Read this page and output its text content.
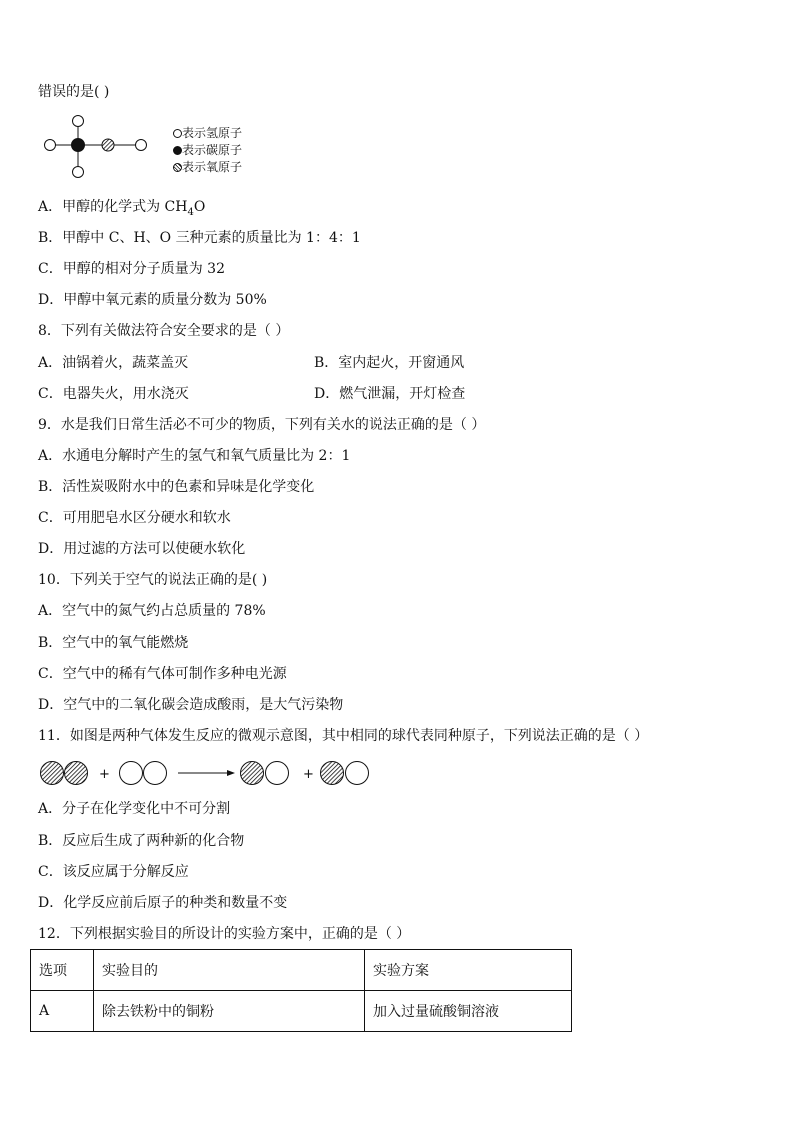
错误的是( )
表示氢原子
表示碳原子
表示氧原子
A．甲醇的化学式为 $CH_4O$
B．甲醇中 C、H、O 三种元素的质量比为 1：4：1
C．甲醇的相对分子质量为 32
D．甲醇中氧元素的质量分数为 50%
8．下列有关做法符合安全要求的是（ ）
A．油锅着火，蔬菜盖灭	B．室内起火，开窗通风
C．电器失火，用水浇灭	D．燃气泄漏，开灯检查
9．水是我们日常生活必不可少的物质，下列有关水的说法正确的是（ ）
A．水通电分解时产生的氢气和氧气质量比为 2：1
B．活性炭吸附水中的色素和异味是化学变化
C．可用肥皂水区分硬水和软水
D．用过滤的方法可以使硬水软化
10．下列关于空气的说法正确的是( )
A．空气中的氮气约占总质量的 78%
B．空气中的氧气能燃烧
C．空气中的稀有气体可制作多种电光源
D．空气中的二氧化碳会造成酸雨，是大气污染物
11．如图是两种气体发生反应的微观示意图，其中相同的球代表同种原子，下列说法正确的是（ ）
+	+
A．分子在化学变化中不可分割
B．反应后生成了两种新的化合物
C．该反应属于分解反应
D．化学反应前后原子的种类和数量不变
12．下列根据实验目的所设计的实验方案中，正确的是（ ）
选项	实验目的	实验方案
A	除去铁粉中的铜粉	加入过量硫酸铜溶液
